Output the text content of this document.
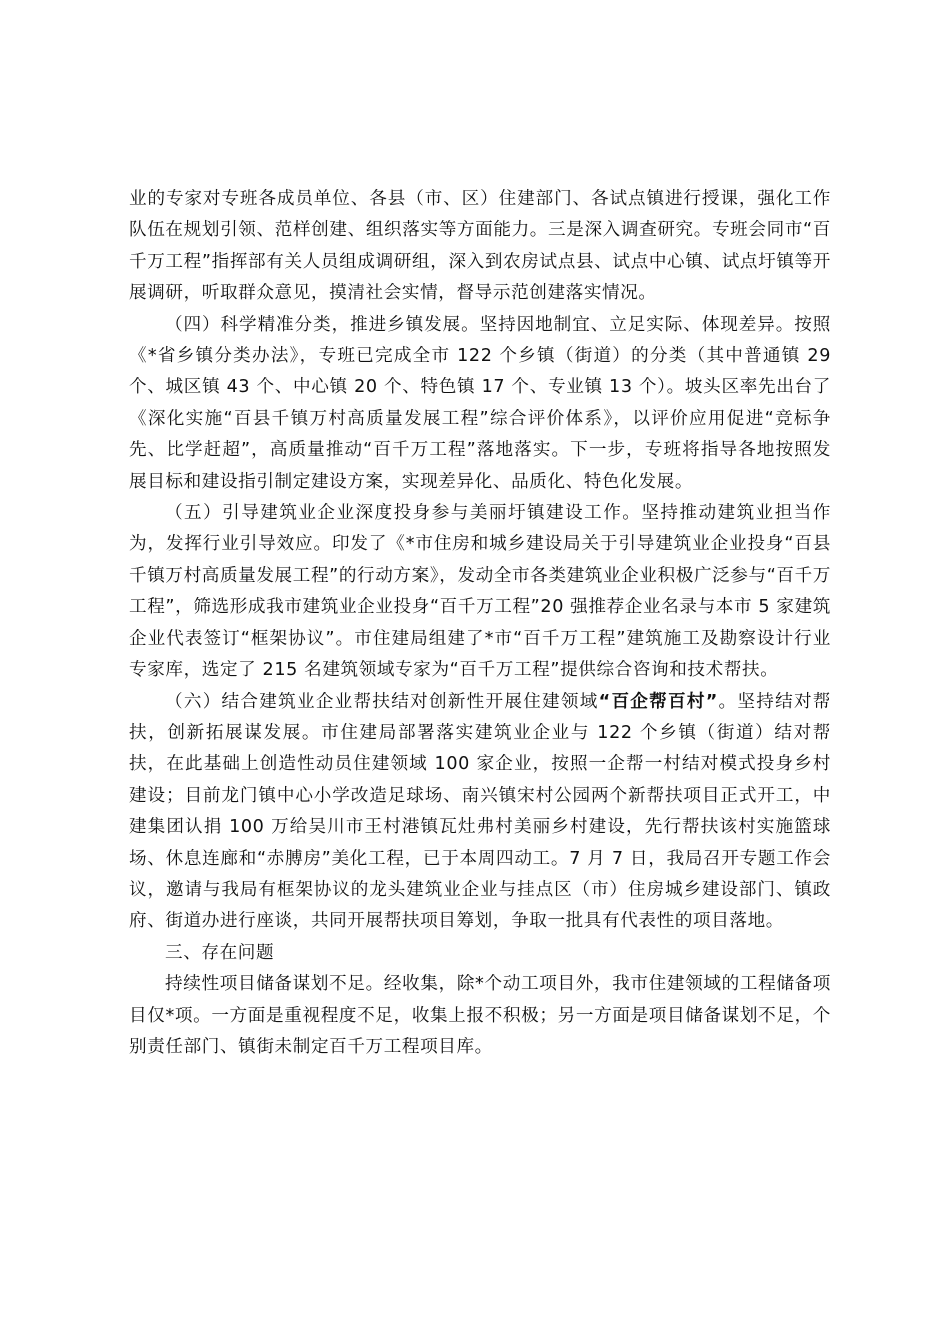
业的专家对专班各成员单位、各县（市、区）住建部门、各试点镇进行授课，强化工作队伍在规划引领、范样创建、组织落实等方面能力。三是深入调查研究。专班会同市“百千万工程”指挥部有关人员组成调研组，深入到农房试点县、试点中心镇、试点圩镇等开展调研，听取群众意见，摸清社会实情，督导示范创建落实情况。

（四）科学精准分类，推进乡镇发展。坚持因地制宜、立足实际、体现差异。按照《*省乡镇分类办法》，专班已完成全市 122 个乡镇（街道）的分类（其中普通镇 29 个、城区镇 43 个、中心镇 20 个、特色镇 17 个、专业镇 13 个）。坡头区率先出台了《深化实施“百县千镇万村高质量发展工程”综合评价体系》，以评价应用促进“竞标争先、比学赶超”，高质量推动“百千万工程”落地落实。下一步，专班将指导各地按照发展目标和建设指引制定建设方案，实现差异化、品质化、特色化发展。

（五）引导建筑业企业深度投身参与美丽圩镇建设工作。坚持推动建筑业担当作为，发挥行业引导效应。印发了《*市住房和城乡建设局关于引导建筑业企业投身“百县千镇万村高质量发展工程”的行动方案》，发动全市各类建筑业企业积极广泛参与“百千万工程”，筛选形成我市建筑业企业投身“百千万工程”20 强推荐企业名录与本市 5 家建筑企业代表签订“框架协议”。市住建局组建了*市“百千万工程”建筑施工及勘察设计行业专家库，选定了 215 名建筑领域专家为“百千万工程”提供综合咨询和技术帮扶。

（六）结合建筑业企业帮扶结对创新性开展住建领域“百企帮百村”。坚持结对帮扶，创新拓展谋发展。市住建局部署落实建筑业企业与 122 个乡镇（街道）结对帮扶，在此基础上创造性动员住建领域 100 家企业，按照一企帮一村结对模式投身乡村建设；目前龙门镇中心小学改造足球场、南兴镇宋村公园两个新帮扶项目正式开工，中建集团认捐 100 万给吴川市王村港镇瓦灶弗村美丽乡村建设，先行帮扶该村实施篮球场、休息连廊和“赤膊房”美化工程，已于本周四动工。7 月 7 日，我局召开专题工作会议，邀请与我局有框架协议的龙头建筑业企业与挂点区（市）住房城乡建设部门、镇政府、街道办进行座谈，共同开展帮扶项目筹划，争取一批具有代表性的项目落地。

三、存在问题

持续性项目储备谋划不足。经收集，除*个动工项目外，我市住建领域的工程储备项目仅*项。一方面是重视程度不足，收集上报不积极；另一方面是项目储备谋划不足，个别责任部门、镇街未制定百千万工程项目库。
